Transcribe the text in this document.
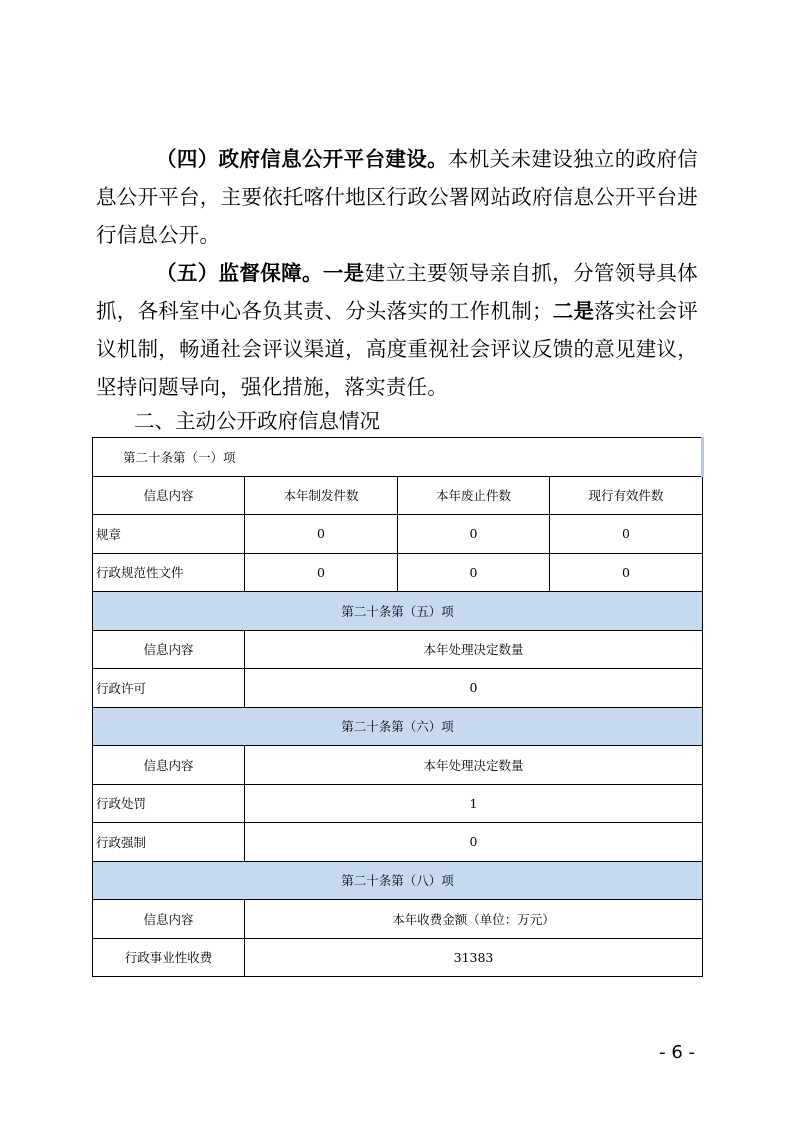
（四）政府信息公开平台建设。本机关未建设独立的政府信息公开平台，主要依托喀什地区行政公署网站政府信息公开平台进行信息公开。

（五）监督保障。一是建立主要领导亲自抓，分管领导具体抓，各科室中心各负其责、分头落实的工作机制；二是落实社会评议机制，畅通社会评议渠道，高度重视社会评议反馈的意见建议，坚持问题导向，强化措施，落实责任。

二、主动公开政府信息情况

第二十条第（一）项			
信息内容	本年制发件数	本年废止件数	现行有效件数
规章	0	0	0
行政规范性文件	0	0	0
第二十条第（五）项			
信息内容	本年处理决定数量		
行政许可	0		
第二十条第（六）项			
信息内容	本年处理决定数量		
行政处罚	1		
行政强制	0		
第二十条第（八）项			
信息内容	本年收费金额（单位：万元）		
行政事业性收费	31383		

- 6 -
